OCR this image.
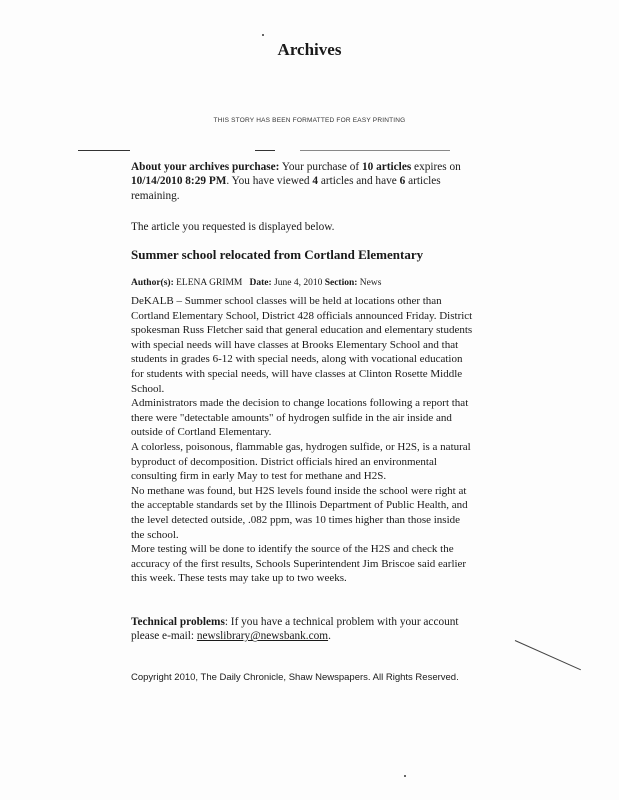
Archives
THIS STORY HAS BEEN FORMATTED FOR EASY PRINTING
About your archives purchase: Your purchase of 10 articles expires on 10/14/2010 8:29 PM. You have viewed 4 articles and have 6 articles remaining.
The article you requested is displayed below.
Summer school relocated from Cortland Elementary
Author(s): ELENA GRIMM Date: June 4, 2010 Section: News

DeKALB – Summer school classes will be held at locations other than Cortland Elementary School, District 428 officials announced Friday. District spokesman Russ Fletcher said that general education and elementary students with special needs will have classes at Brooks Elementary School and that students in grades 6-12 with special needs, along with vocational education for students with special needs, will have classes at Clinton Rosette Middle School.

Administrators made the decision to change locations following a report that there were "detectable amounts" of hydrogen sulfide in the air inside and outside of Cortland Elementary.

A colorless, poisonous, flammable gas, hydrogen sulfide, or H2S, is a natural byproduct of decomposition. District officials hired an environmental consulting firm in early May to test for methane and H2S.

No methane was found, but H2S levels found inside the school were right at the acceptable standards set by the Illinois Department of Public Health, and the level detected outside, .082 ppm, was 10 times higher than those inside the school.

More testing will be done to identify the source of the H2S and check the accuracy of the first results, Schools Superintendent Jim Briscoe said earlier this week. These tests may take up to two weeks.

Technical problems: If you have a technical problem with your account please e-mail: newslibrary@newsbank.com.
Copyright 2010, The Daily Chronicle, Shaw Newspapers. All Rights Reserved.
